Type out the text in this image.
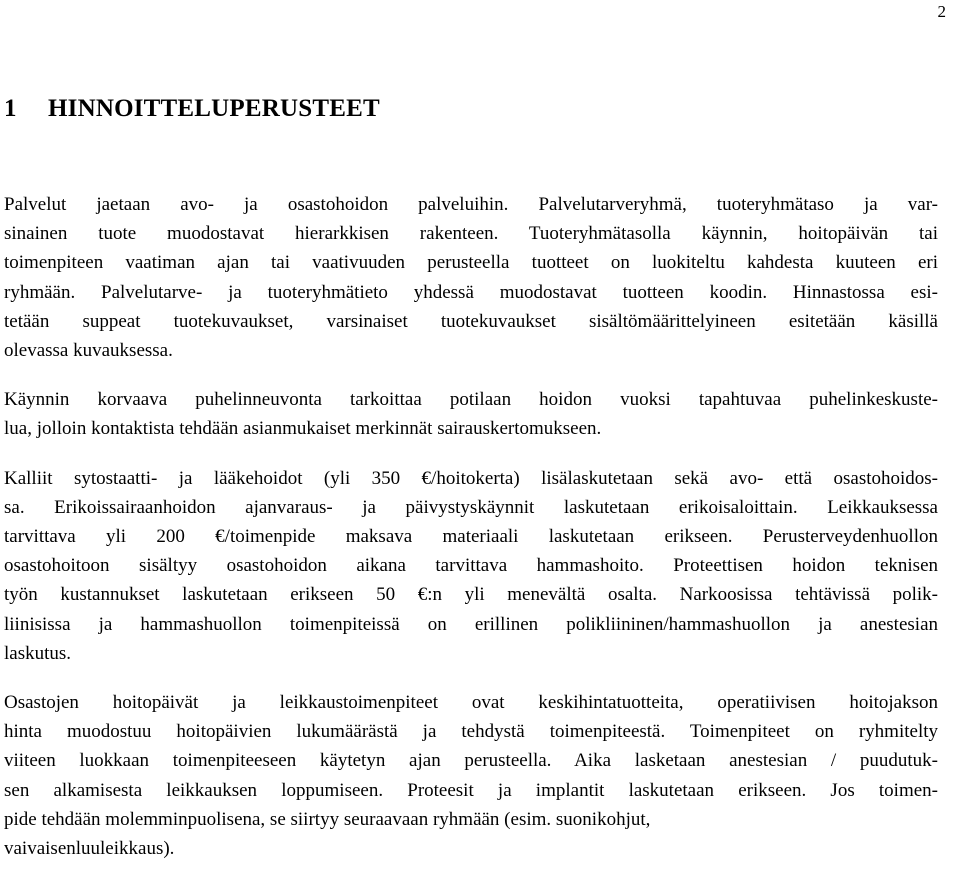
2
1 HINNOITTELUPERUSTEET

Palvelut jaetaan avo- ja osastohoidon palveluihin. Palvelutarveryhmä, tuoteryhmätaso ja var-
sinainen tuote muodostavat hierarkkisen rakenteen. Tuoteryhmätasolla käynnin, hoitopäivän tai
toimenpiteen vaatiman ajan tai vaativuuden perusteella tuotteet on luokiteltu kahdesta kuuteen eri
ryhmään. Palvelutarve- ja tuoteryhmätieto yhdessä muodostavat tuotteen koodin. Hinnastossa esi-
tetään suppeat tuotekuvaukset, varsinaiset tuotekuvaukset sisältömäärittelyineen esitetään käsillä
olevassa kuvauksessa.

Käynnin korvaava puhelinneuvonta tarkoittaa potilaan hoidon vuoksi tapahtuvaa puhelinkeskuste-
lua, jolloin kontaktista tehdään asianmukaiset merkinnät sairauskertomukseen.

Kalliit sytostaatti- ja lääkehoidot (yli 350 €/hoitokerta) lisälaskutetaan sekä avo- että osastohoidos-
sa. Erikoissairaanhoidon ajanvaraus- ja päivystyskäynnit laskutetaan erikoisaloittain. Leikkauksessa
tarvittava yli 200 €/toimenpide maksava materiaali laskutetaan erikseen. Perusterveydenhuollon
osastohoitoon sisältyy osastohoidon aikana tarvittava hammashoito. Proteettisen hoidon teknisen
työn kustannukset laskutetaan erikseen 50 €:n yli menevältä osalta. Narkoosissa tehtävissä polik-
liinisissa ja hammashuollon toimenpiteissä on erillinen polikliininen/hammashuollon ja anestesian
laskutus.

Osastojen hoitopäivät ja leikkaustoimenpiteet ovat keskihintatuotteita, operatiivisen hoitojakson
hinta muodostuu hoitopäivien lukumäärästä ja tehdystä toimenpiteestä. Toimenpiteet on ryhmitelty
viiteen luokkaan toimenpiteeseen käytetyn ajan perusteella. Aika lasketaan anestesian / puudutuk-
sen alkamisesta leikkauksen loppumiseen. Proteesit ja implantit laskutetaan erikseen. Jos toimen-
pide tehdään molemminpuolisena, se siirtyy seuraavaan ryhmään (esim. suonikohjut,
vaivaisenluuleikkaus).
